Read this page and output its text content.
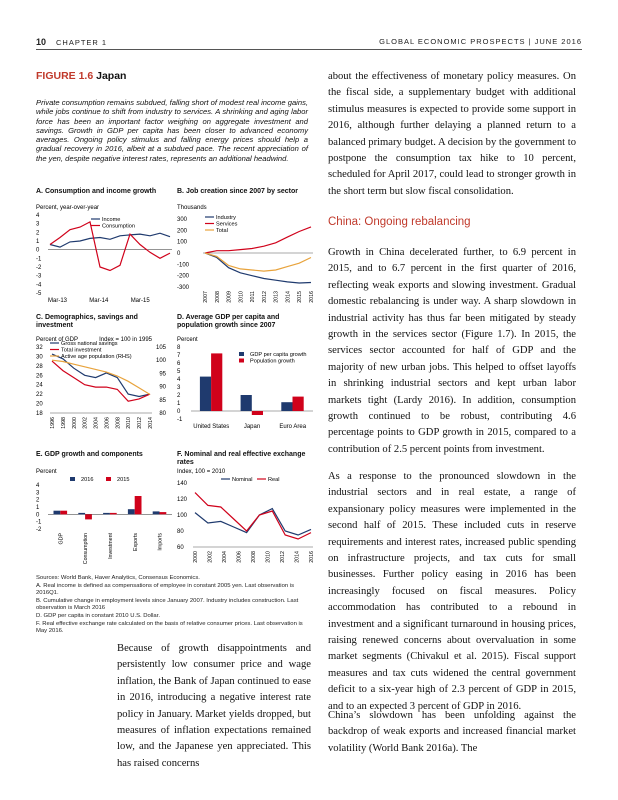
10 CHAPTER 1	GLOBAL ECONOMIC PROSPECTS | JUNE 2016
FIGURE 1.6 Japan
Private consumption remains subdued, falling short of modest real income gains, while jobs continue to shift from industry to services. A shrinking and aging labor force has been an important factor weighing on aggregate investment and savings. Growth in GDP per capita has been closer to advanced economy averages. Ongoing policy stimulus and falling energy prices should help a gradual recovery in 2016, albeit at a subdued pace. The recent appreciation of the yen, despite negative interest rates, represents an additional headwind.
A. Consumption and income growth	B. Job creation since 2007 by sector
C. Demographics, savings and investment
D. Average GDP per capita and population growth since 2007
E. GDP growth and components	F. Nominal and real effective exchange rates
Percent, year-over-year
4
3
2
1
0
-1
-2
-3
-4
-5
Mar-13	Mar-14	Mar-15
Income
Consumption
Thousands
300
200
100
0
-100
-200
-300
2007 2008 2009 2010 2011 2012 2013 2014 2015 2016
Industry
Services
Total
Percent of GDP	Index = 100 in 1995
32
30
28
26
24
22
20
18
105
100
95
90
85
80
1996 1998 2000 2002 2004 2006 2008 2010 2012 2014
Gross national savings
Total investment
Active age population (RHS)
Percent
8
7
6
5
4
3
2
1
0
-1
United States Japan	Euro Area
GDP per capita growth
Population growth
Percent
4
3
2
1
0
-1
-2
GDP	Consumption	Investment	Exports	Imports
2016	2015
Index, 100 = 2010
140
120
100
80
60
2000 2002 2004 2006 2008 2010 2012 2014 2016
Nominal	Real
Sources: World Bank, Haver Analytics, Consensus Economics.
A. Real income is defined as compensations of employee in constant 2005 yen. Last observation is 2016Q1.
B. Cumulative change in employment levels since January 2007. Industry includes construction. Last observation is March 2016
D. GDP per capita in constant 2010 U.S. Dollar.
F. Real effective exchange rate calculated on the basis of relative consumer prices. Last observation is May 2016.
Because of growth disappointments and persistently low consumer price and wage inflation, the Bank of Japan continued to ease in 2016, introducing a negative interest rate policy in January. Market yields dropped, but measures of inflation expectations remained low, and the Japanese yen appreciated. This has raised concerns

about the effectiveness of monetary policy measures. On the fiscal side, a supplementary budget with additional stimulus measures is expected to provide some support in 2016, although further delaying a planned return to a balanced primary budget. A decision by the government to postpone the consumption tax hike to 10 percent, scheduled for April 2017, could lead to stronger growth in the short term but slow fiscal consolidation.

China: Ongoing rebalancing

Growth in China decelerated further, to 6.9 percent in 2015, and to 6.7 percent in the first quarter of 2016, reflecting weak exports and slowing investment. Gradual domestic rebalancing is under way. A sharp slowdown in industrial activity has thus far been mitigated by steady growth in the services sector (Figure 1.7). In 2015, the services sector accounted for half of GDP and the majority of new urban jobs. This helped to offset layoffs in shrinking industrial sectors and kept urban labor markets tight (Lardy 2016). In addition, consumption growth continued to be robust, contributing 4.6 percentage points to GDP growth in 2015, compared to a contribution of 2.5 percent points from investment.

As a response to the pronounced slowdown in the industrial sectors and in real estate, a range of expansionary policy measures were implemented in the second half of 2015. These included cuts in reserve requirements and interest rates, increased public spending on infrastructure projects, and tax cuts for small businesses. Further policy easing in 2016 has been increasingly focused on fiscal measures. Policy accommodation has contributed to a rebound in investment and a significant turnaround in housing prices, raising renewed concerns about overvaluation in some market segments (Chivakul et al. 2015). Fiscal support measures and tax cuts widened the central government deficit to a six-year high of 2.3 percent of GDP in 2015, and to an expected 3 percent of GDP in 2016.

China’s slowdown has been unfolding against the backdrop of weak exports and increased financial market volatility (World Bank 2016a). The
